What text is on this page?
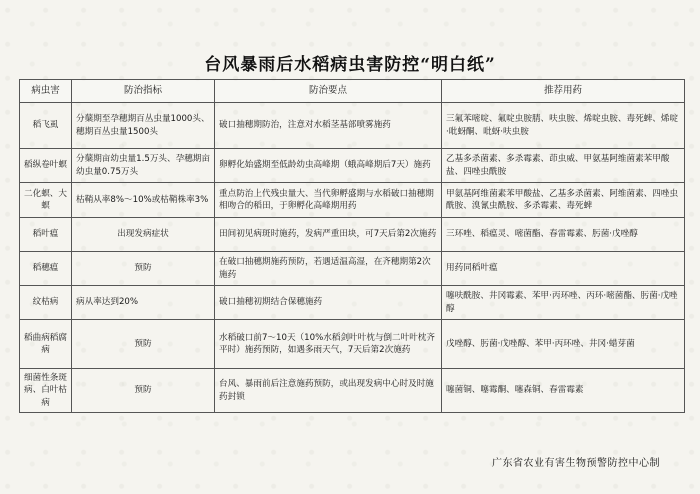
台风暴雨后水稻病虫害防控“明白纸”
病虫害	防治指标	防治要点	推荐用药
稻飞虱	分蘖期至孕穗期百丛虫量1000头、穗期百丛虫量1500头	破口抽穗期防治，注意对水稻茎基部喷雾施药	三氟苯嘧啶、氟啶虫胺腈、呋虫胺、烯啶虫胺、毒死蜱、烯啶·吡蚜酮、吡蚜·呋虫胺
稻纵卷叶螟	分蘖期亩幼虫量1.5万头、孕穗期亩幼虫量0.75万头	卵孵化始盛期至低龄幼虫高峰期（蛾高峰期后7天）施药	乙基多杀菌素、多杀霉素、茚虫威、甲氨基阿维菌素苯甲酸盐、四唑虫酰胺
二化螟、大螟	枯鞘从率8%～10%或枯鞘株率3%	重点防治上代残虫量大、当代卵孵盛期与水稻破口抽穗期相吻合的稻田，于卵孵化高峰期用药	甲氨基阿维菌素苯甲酸盐、乙基多杀菌素、阿维菌素、四唑虫酰胺、溴氰虫酰胺、多杀霉素、毒死蜱
稻叶瘟	出现发病症状	田间初见病斑时施药，发病严重田块，可7天后第2次施药	三环唑、稻瘟灵、嘧菌酯、春雷霉素、肟菌·戊唑醇
稻穗瘟	预防	在破口抽穗期施药预防，若遇适温高湿，在齐穗期第2次施药	用药同稻叶瘟
纹枯病	病从率达到20%	破口抽穗初期结合保穗施药	噻呋酰胺、井冈霉素、苯甲·丙环唑、丙环·嘧菌酯、肟菌·戊唑醇
稻曲病稻腐病	预防	水稻破口前7～10天（10%水稻剑叶叶枕与倒二叶叶枕齐平时）施药预防，如遇多雨天气，7天后第2次施药	戊唑醇、肟菌·戊唑醇、苯甲·丙环唑、井冈·蜡芽菌
细菌性条斑病、白叶枯病	预防	台风、暴雨前后注意施药预防，或出现发病中心时及时施药封锁	噻菌铜、噻霉酮、噻森铜、春雷霉素
广东省农业有害生物预警防控中心制
